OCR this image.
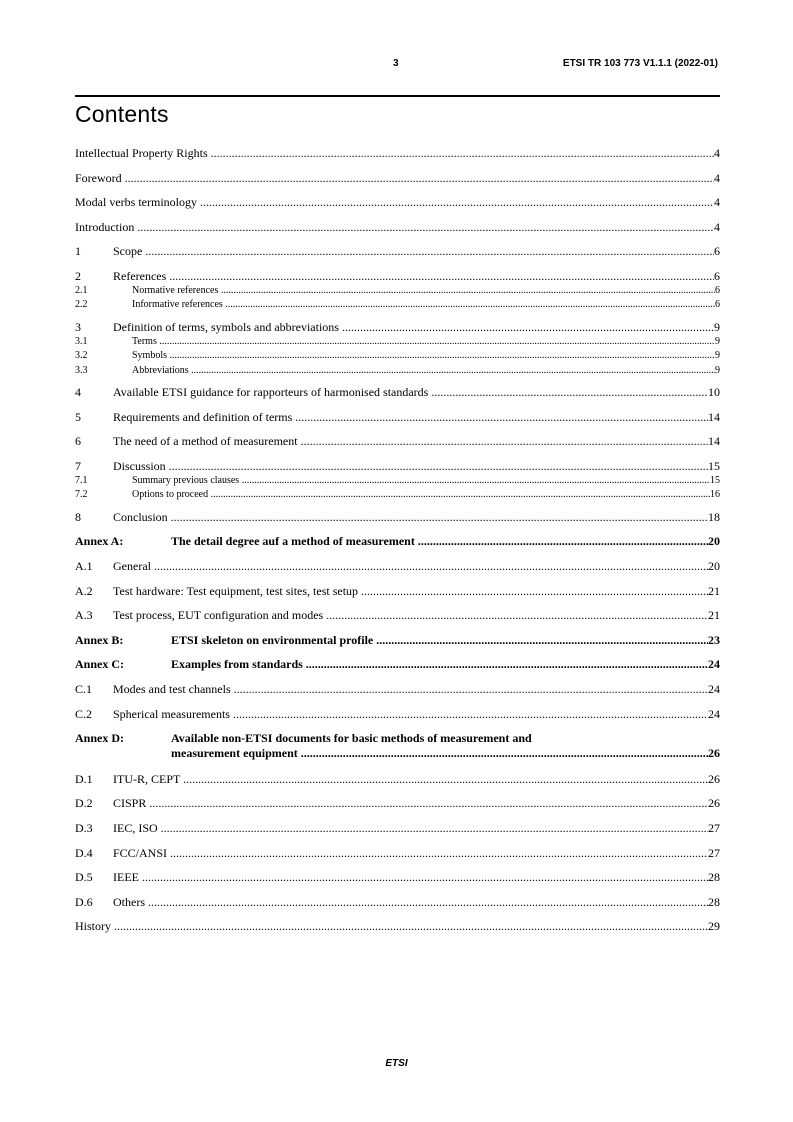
3	ETSI TR 103 773 V1.1.1 (2022-01)
Contents
Intellectual Property Rights .....	4
Foreword .....	4
Modal verbs terminology .....	4
Introduction .....	4
1	Scope .....	6
2	References .....	6
2.1	Normative references .....	6
2.2	Informative references .....	6
3	Definition of terms, symbols and abbreviations .....	9
3.1	Terms .....	9
3.2	Symbols .....	9
3.3	Abbreviations .....	9
4	Available ETSI guidance for rapporteurs of harmonised standards .....	10
5	Requirements and definition of terms .....	14
6	The need of a method of measurement .....	14
7	Discussion .....	15
7.1	Summary previous clauses .....	15
7.2	Options to proceed .....	16
8	Conclusion .....	18
Annex A:	The detail degree auf a method of measurement .....	20
A.1 General .....	20
A.2 Test hardware: Test equipment, test sites, test setup .....	21
A.3 Test process, EUT configuration and modes .....	21
Annex B:	ETSI skeleton on environmental profile .....	23
Annex C:	Examples from standards .....	24
C.1 Modes and test channels .....	24
C.2 Spherical measurements .....	24
Annex D:	Available non-ETSI documents for basic methods of measurement and
measurement equipment .....	26
D.1 ITU-R, CEPT .....	26
D.2 CISPR .....	26
D.3 IEC, ISO .....	27
D.4 FCC/ANSI .....	27
D.5 IEEE .....	28
D.6 Others .....	28
History .....	29
ETSI
